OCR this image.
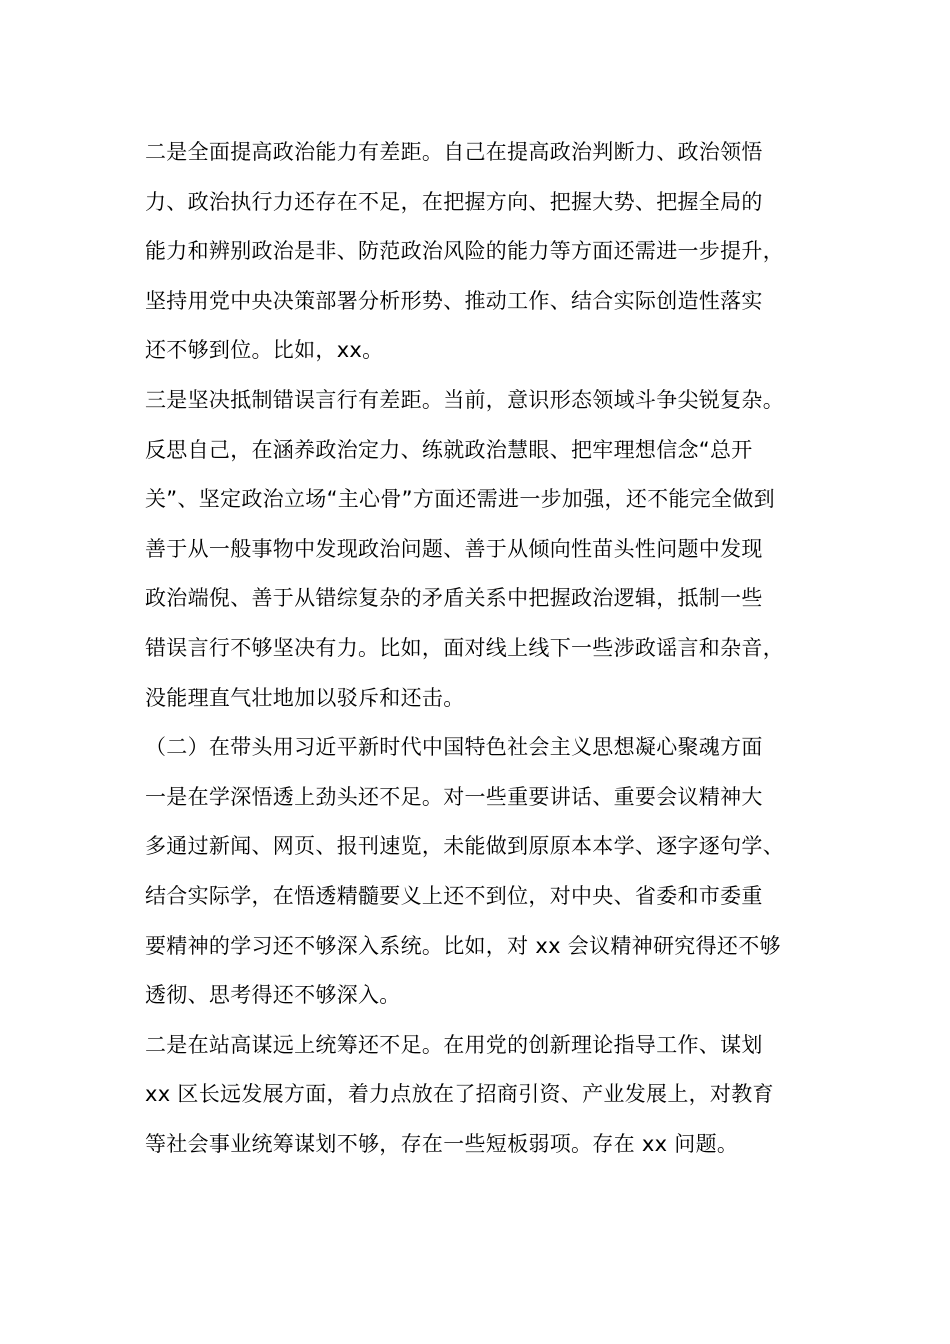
二是全面提高政治能力有差距。自己在提高政治判断力、政治领悟
力、政治执行力还存在不足，在把握方向、把握大势、把握全局的
能力和辨别政治是非、防范政治风险的能力等方面还需进一步提升，
坚持用党中央决策部署分析形势、推动工作、结合实际创造性落实
还不够到位。比如，xx。
三是坚决抵制错误言行有差距。当前，意识形态领域斗争尖锐复杂。
反思自己，在涵养政治定力、练就政治慧眼、把牢理想信念“总开
关”、坚定政治立场“主心骨”方面还需进一步加强，还不能完全做到
善于从一般事物中发现政治问题、善于从倾向性苗头性问题中发现
政治端倪、善于从错综复杂的矛盾关系中把握政治逻辑，抵制一些
错误言行不够坚决有力。比如，面对线上线下一些涉政谣言和杂音，
没能理直气壮地加以驳斥和还击。
（二）在带头用习近平新时代中国特色社会主义思想凝心聚魂方面
一是在学深悟透上劲头还不足。对一些重要讲话、重要会议精神大
多通过新闻、网页、报刊速览，未能做到原原本本学、逐字逐句学、
结合实际学，在悟透精髓要义上还不到位，对中央、省委和市委重
要精神的学习还不够深入系统。比如，对 xx 会议精神研究得还不够
透彻、思考得还不够深入。
二是在站高谋远上统筹还不足。在用党的创新理论指导工作、谋划
xx 区长远发展方面，着力点放在了招商引资、产业发展上，对教育
等社会事业统筹谋划不够，存在一些短板弱项。存在 xx 问题。
